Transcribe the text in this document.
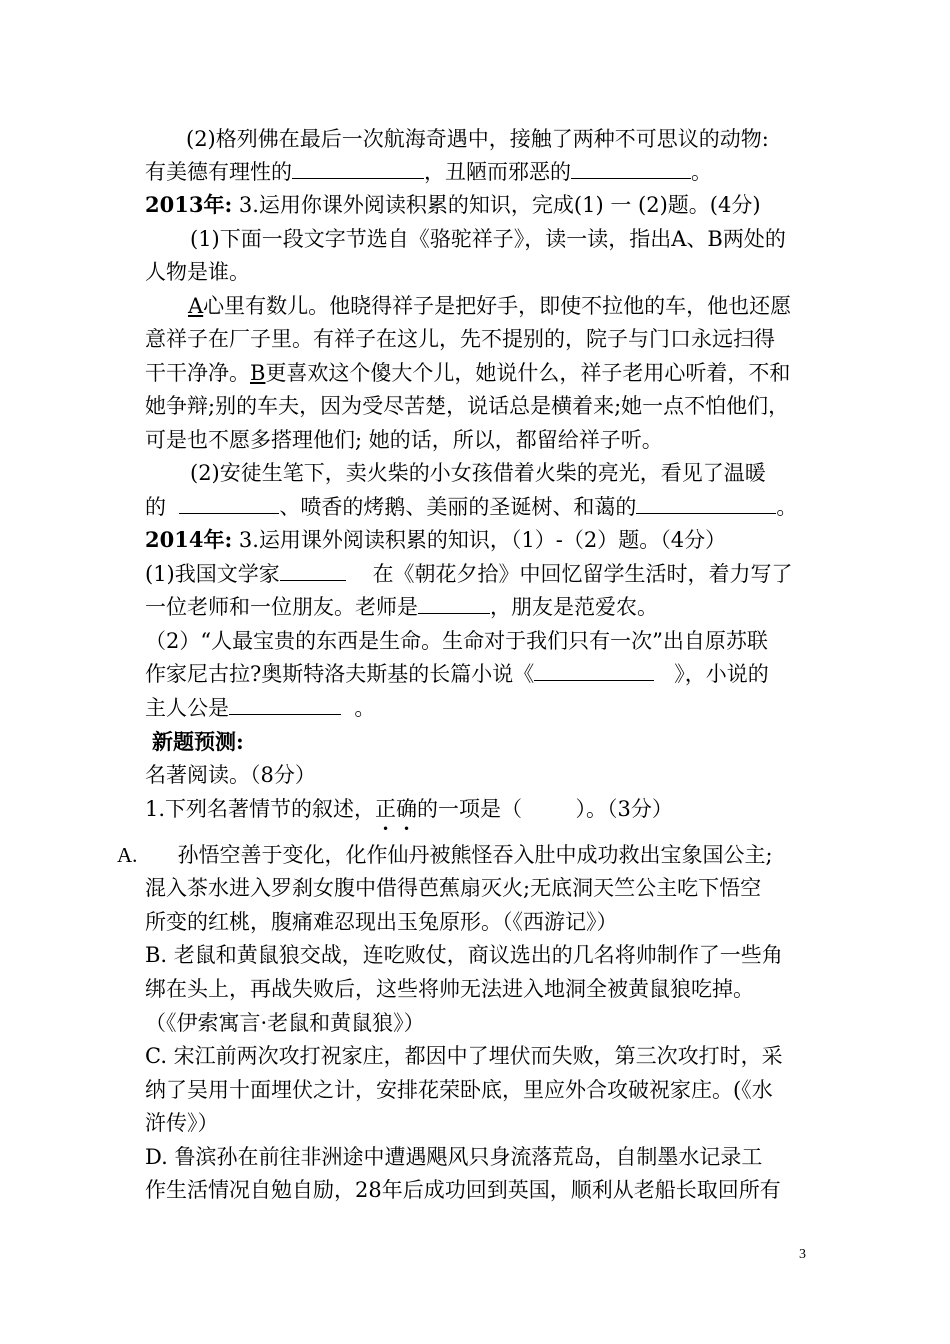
(2)格列佛在最后一次航海奇遇中，接触了两种不可思议的动物:
有美德有理性的	，丑陋而邪恶的	。
2013年: 3.运用你课外阅读积累的知识，完成(1) 一 (2)题。(4分)
(1)下面一段文字节选自《骆驼祥子》，读一读，指出A、B两处的
人物是谁。
A心里有数儿。他晓得祥子是把好手，即使不拉他的车，他也还愿
意祥子在厂子里。有祥子在这儿，先不提别的，院子与门口永远扫得
干干净净。B更喜欢这个傻大个儿，她说什么，祥子老用心听着，不和
她争辩;别的车夫，因为受尽苦楚，说话总是横着来;她一点不怕他们，
可是也不愿多搭理他们; 她的话，所以，都留给祥子听。
(2)安徒生笔下，卖火柴的小女孩借着火柴的亮光，看见了温暖
的	、喷香的烤鹅、美丽的圣诞树、和蔼的	。
2014年: 3.运用课外阅读积累的知识，（1）-（2）题。（4分）
(1)我国文学家	在《朝花夕拾》中回忆留学生活时，着力写了
一位老师和一位朋友。老师是	，朋友是范爱农。
（2）“人最宝贵的东西是生命。生命对于我们只有一次”出自原苏联
作家尼古拉?奥斯特洛夫斯基的长篇小说《	》，小说的
主人公是	。
新题预测:
名著阅读。（8分）
1.下列名著情节的叙述，正确的一项是（	）。（3分）
A. 孙悟空善于变化，化作仙丹被熊怪吞入肚中成功救出宝象国公主;
混入茶水进入罗刹女腹中借得芭蕉扇灭火;无底洞天竺公主吃下悟空
所变的红桃，腹痛难忍现出玉兔原形。（《西游记》）
B. 老鼠和黄鼠狼交战，连吃败仗，商议选出的几名将帅制作了一些角
绑在头上，再战失败后，这些将帅无法进入地洞全被黄鼠狼吃掉。
（《伊索寓言·老鼠和黄鼠狼》）
C. 宋江前两次攻打祝家庄，都因中了埋伏而失败，第三次攻打时，采
纳了吴用十面埋伏之计，安排花荣卧底，里应外合攻破祝家庄。(《水
浒传》）
D. 鲁滨孙在前往非洲途中遭遇飓风只身流落荒岛，自制墨水记录工
作生活情况自勉自励，28年后成功回到英国，顺利从老船长取回所有
3
